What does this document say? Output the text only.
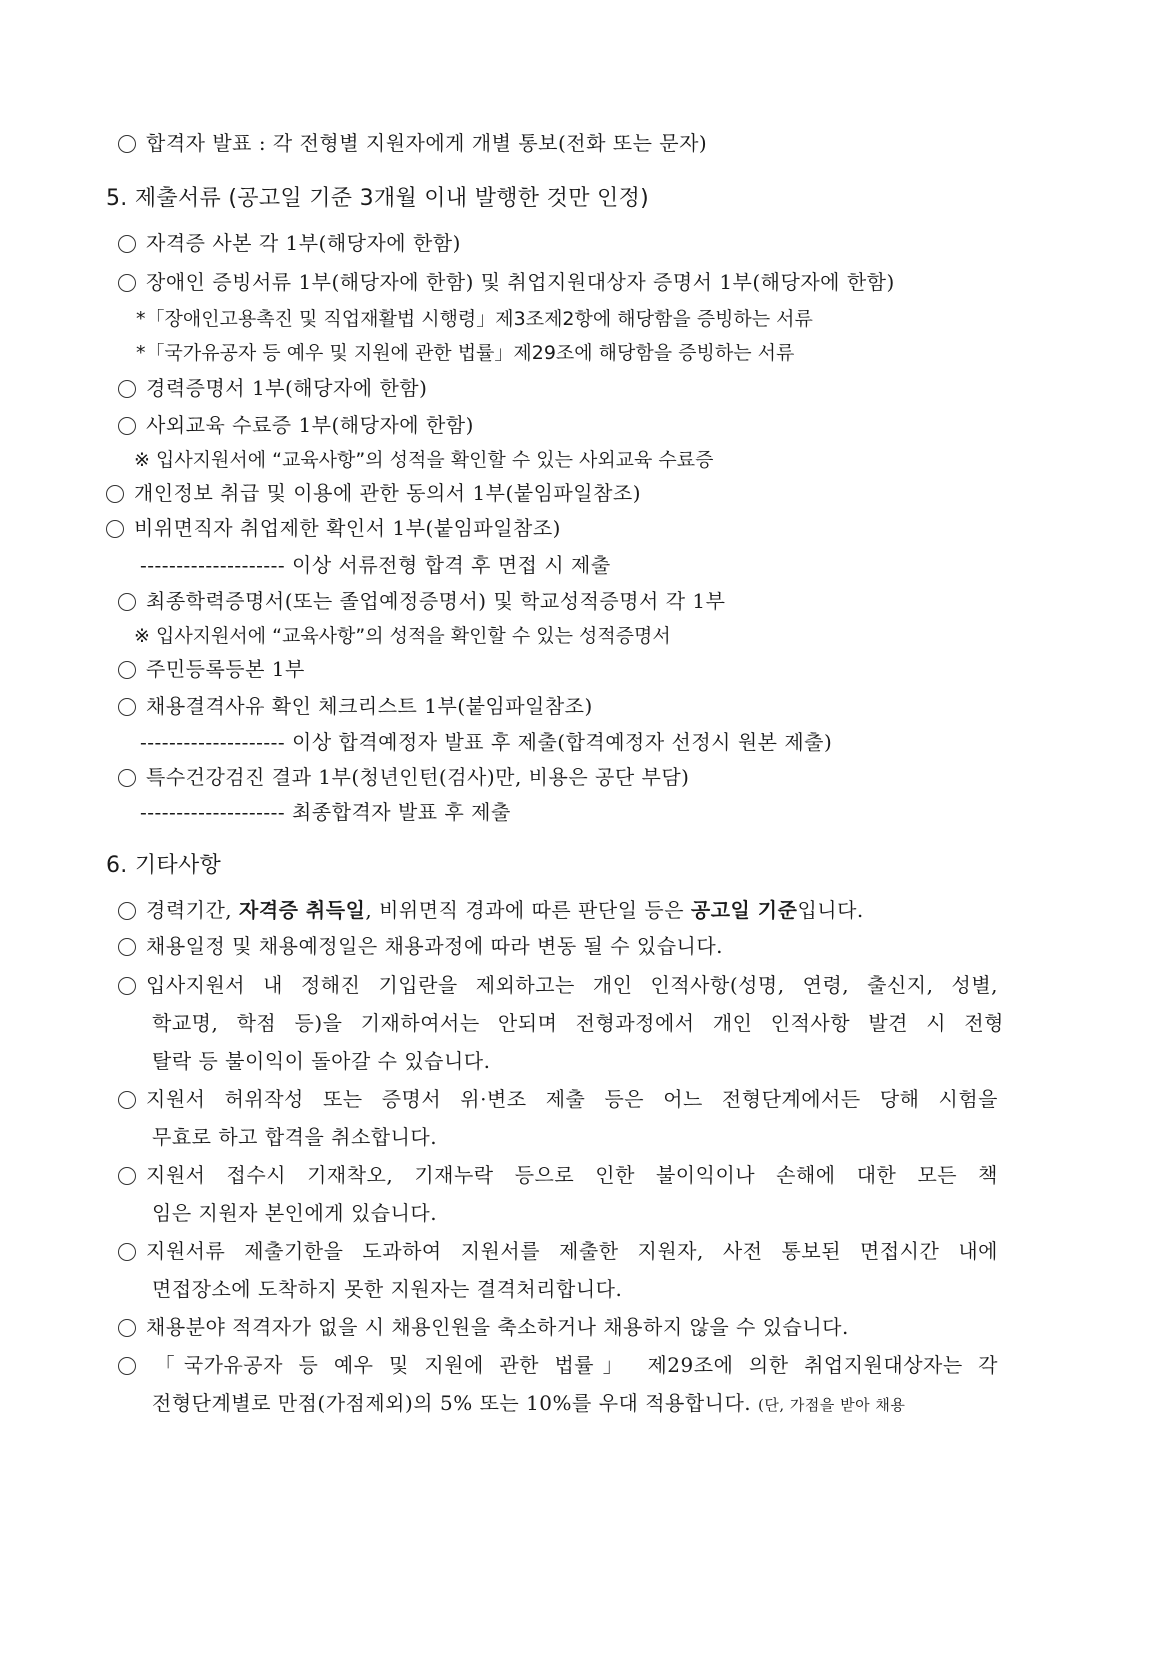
합격자 발표 : 각 전형별 지원자에게 개별 통보(전화 또는 문자)
5. 제출서류 (공고일 기준 3개월 이내 발행한 것만 인정)
자격증 사본 각 1부(해당자에 한함)
장애인 증빙서류 1부(해당자에 한함) 및 취업지원대상자 증명서 1부(해당자에 한함)
*「장애인고용촉진 및 직업재활법 시행령」제3조제2항에 해당함을 증빙하는 서류
*「국가유공자 등 예우 및 지원에 관한 법률」제29조에 해당함을 증빙하는 서류
경력증명서 1부(해당자에 한함)
사외교육 수료증 1부(해당자에 한함)
※ 입사지원서에 “교육사항”의 성적을 확인할 수 있는 사외교육 수료증
개인정보 취급 및 이용에 관한 동의서 1부(붙임파일참조)
비위면직자 취업제한 확인서 1부(붙임파일참조)
-------------------- 이상 서류전형 합격 후 면접 시 제출
최종학력증명서(또는 졸업예정증명서) 및 학교성적증명서 각 1부
※ 입사지원서에 “교육사항”의 성적을 확인할 수 있는 성적증명서
주민등록등본 1부
채용결격사유 확인 체크리스트 1부(붙임파일참조)
-------------------- 이상 합격예정자 발표 후 제출(합격예정자 선정시 원본 제출)
특수건강검진 결과 1부(청년인턴(검사)만, 비용은 공단 부담)
-------------------- 최종합격자 발표 후 제출
6. 기타사항
경력기간, 자격증 취득일, 비위면직 경과에 따른 판단일 등은 공고일 기준입니다.
채용일정 및 채용예정일은 채용과정에 따라 변동 될 수 있습니다.
입사지원서 내 정해진 기입란을 제외하고는 개인 인적사항(성명, 연령, 출신지, 성별,
학교명, 학점 등)을 기재하여서는 안되며 전형과정에서 개인 인적사항 발견 시 전형
탈락 등 불이익이 돌아갈 수 있습니다.
지원서 허위작성 또는 증명서 위·변조 제출 등은 어느 전형단계에서든 당해 시험을
무효로 하고 합격을 취소합니다.
지원서 접수시 기재착오, 기재누락 등으로 인한 불이익이나 손해에 대한 모든 책
임은 지원자 본인에게 있습니다.
지원서류 제출기한을 도과하여 지원서를 제출한 지원자, 사전 통보된 면접시간 내에
면접장소에 도착하지 못한 지원자는 결격처리합니다.
채용분야 적격자가 없을 시 채용인원을 축소하거나 채용하지 않을 수 있습니다.
「국가유공자 등 예우 및 지원에 관한 법률」 제29조에 의한 취업지원대상자는 각
전형단계별로 만점(가점제외)의 5% 또는 10%를 우대 적용합니다. (단, 가점을 받아 채용
